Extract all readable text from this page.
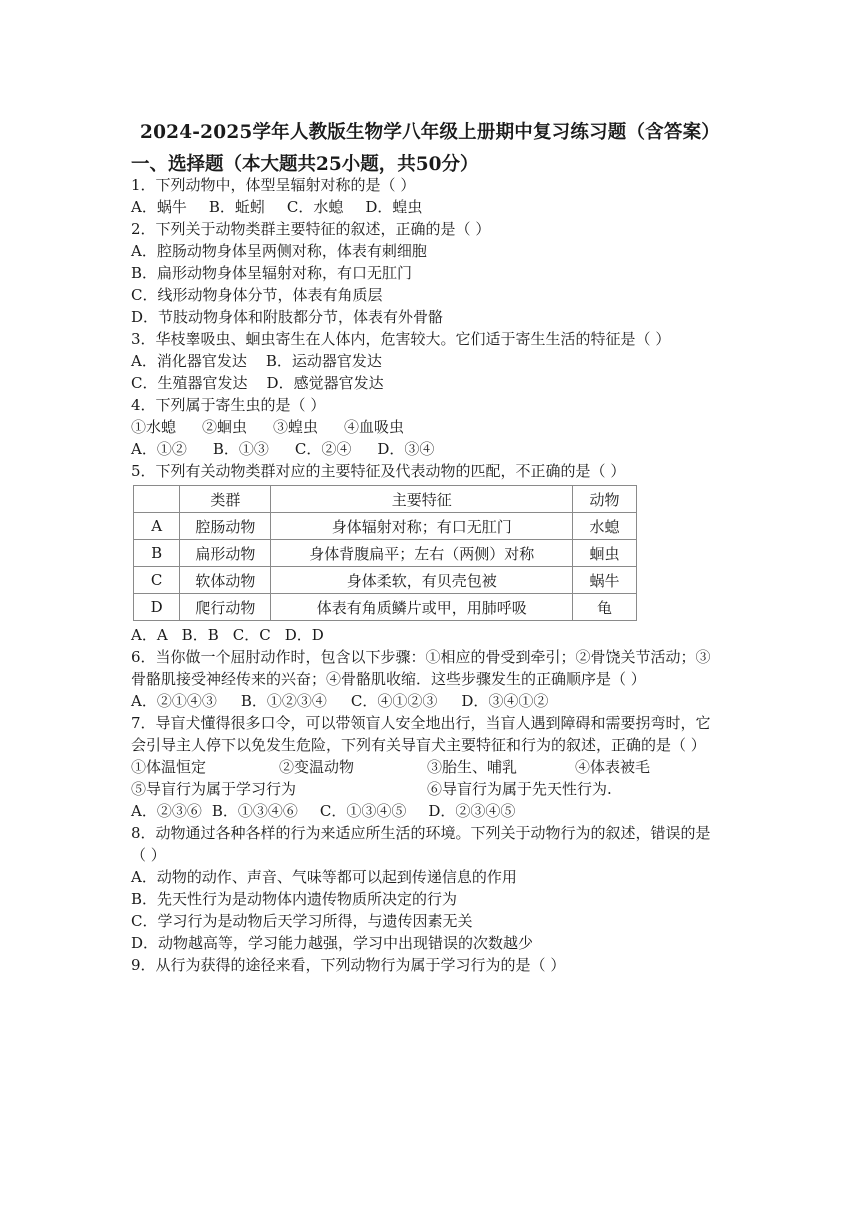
2024-2025学年人教版生物学八年级上册期中复习练习题（含答案）
一、选择题（本大题共25小题，共50分）
1．下列动物中，体型呈辐射对称的是（ ）
A．蜗牛 B．蚯蚓 C．水螅 D．蝗虫
2．下列关于动物类群主要特征的叙述，正确的是（ ）
A．腔肠动物身体呈两侧对称，体表有刺细胞
B．扁形动物身体呈辐射对称，有口无肛门
C．线形动物身体分节，体表有角质层
D．节肢动物身体和附肢都分节，体表有外骨骼
3．华枝睾吸虫、蛔虫寄生在人体内，危害较大。它们适于寄生生活的特征是（ ）
A．消化器官发达    B．运动器官发达
C．生殖器官发达    D．感觉器官发达
4．下列属于寄生虫的是（ ）
①水螅 ②蛔虫 ③蝗虫 ④血吸虫
A．①② B．①③ C．②④ D．③④
5．下列有关动物类群对应的主要特征及代表动物的匹配，不正确的是（ ）
	类群	主要特征	动物
A	腔肠动物	身体辐射对称；有口无肛门	水螅
B	扁形动物	身体背腹扁平；左右（两侧）对称	蛔虫
C	软体动物	身体柔软，有贝壳包被	蜗牛
D	爬行动物	体表有角质鳞片或甲，用肺呼吸	龟
A．A B．B C．C D．D
6．当你做一个屈肘动作时，包含以下步骤：①相应的骨受到牵引；②骨饶关节活动；③骨骼肌接受神经传来的兴奋；④骨骼肌收缩．这些步骤发生的正确顺序是（ ）
A．②①④③ B．①②③④ C．④①②③ D．③④①②
7．导盲犬懂得很多口令，可以带领盲人安全地出行，当盲人遇到障碍和需要拐弯时，它会引导主人停下以免发生危险，下列有关导盲犬主要特征和行为的叙述，正确的是（ ）
①体温恒定	②变温动物	③胎生、哺乳	④体表被毛
⑤导盲行为属于学习行为	⑥导盲行为属于先天性行为.
A．②③⑥ B．①③④⑥ C．①③④⑤ D．②③④⑤
8．动物通过各种各样的行为来适应所生活的环境。下列关于动物行为的叙述，错误的是（ ）
A．动物的动作、声音、气味等都可以起到传递信息的作用
B．先天性行为是动物体内遗传物质所决定的行为
C．学习行为是动物后天学习所得，与遗传因素无关
D．动物越高等，学习能力越强，学习中出现错误的次数越少
9．从行为获得的途径来看，下列动物行为属于学习行为的是（ ）
